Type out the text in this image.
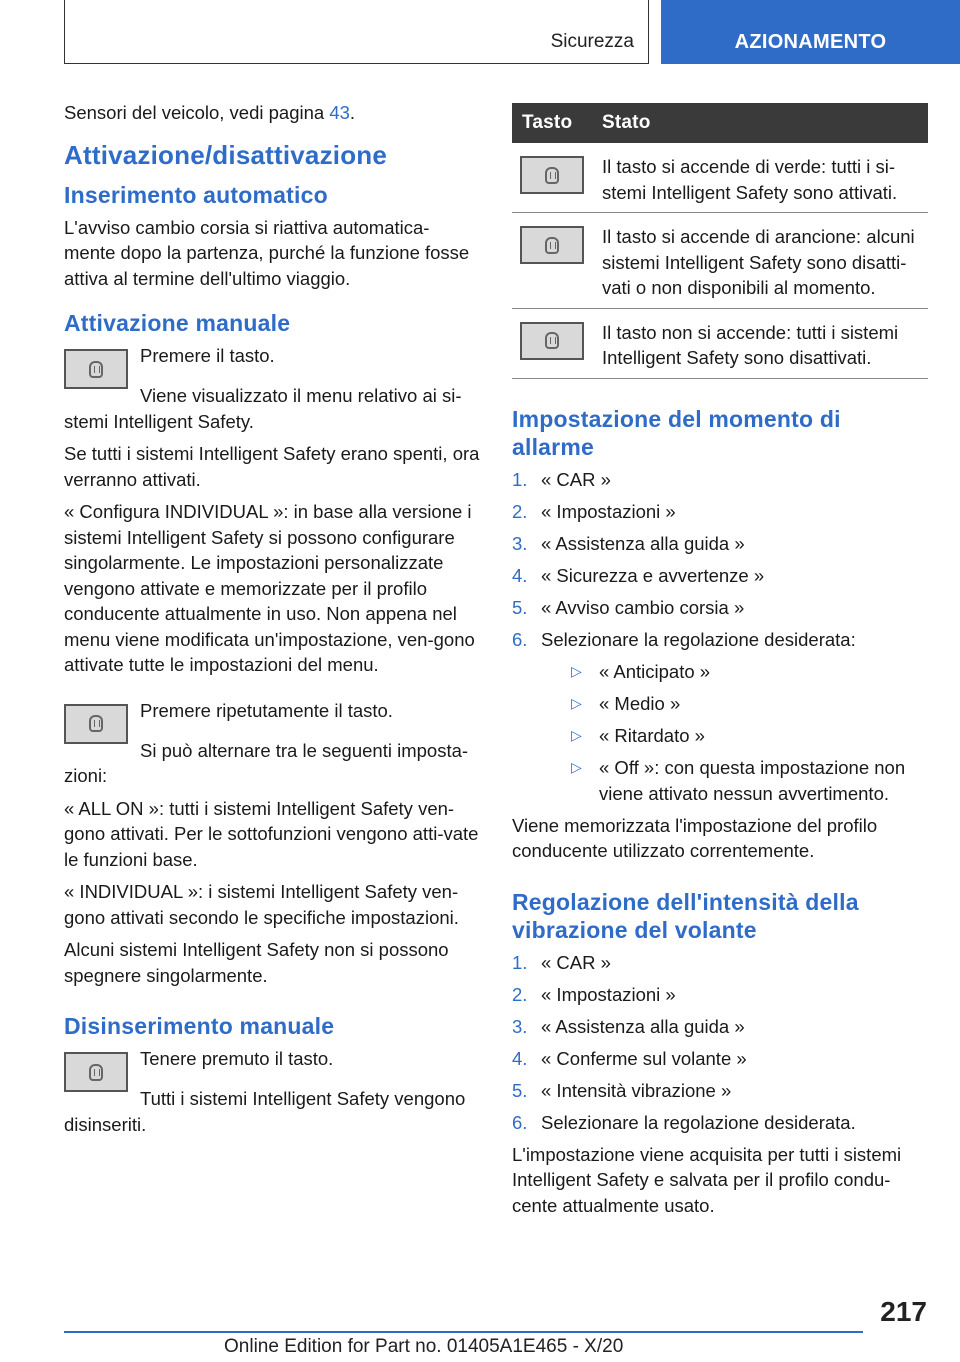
Sicurezza	AZIONAMENTO

Sensori del veicolo, vedi pagina 43.

Attivazione/disattivazione
Inserimento automatico

L'avviso cambio corsia si riattiva automatica-mente dopo la partenza, purché la funzione fosse attiva al termine dell'ultimo viaggio.

Attivazione manuale

Premere il tasto.

Viene visualizzato il menu relativo ai si-stemi Intelligent Safety.

Se tutti i sistemi Intelligent Safety erano spenti, ora verranno attivati.

« Configura INDIVIDUAL »: in base alla versione i sistemi Intelligent Safety si possono configurare singolarmente. Le impostazioni personalizzate vengono attivate e memorizzate per il profilo conducente attualmente in uso. Non appena nel menu viene modificata un'impostazione, ven-gono attivate tutte le impostazioni del menu.

Premere ripetutamente il tasto.

Si può alternare tra le seguenti imposta-zioni:

« ALL ON »: tutti i sistemi Intelligent Safety ven-gono attivati. Per le sottofunzioni vengono atti-vate le funzioni base.

« INDIVIDUAL »: i sistemi Intelligent Safety ven-gono attivati secondo le specifiche impostazioni.

Alcuni sistemi Intelligent Safety non si possono spegnere singolarmente.

Disinserimento manuale

Tenere premuto il tasto.

Tutti i sistemi Intelligent Safety vengono disinseriti.

Tasto	Stato

	Il tasto si accende di verde: tutti i si-stemi Intelligent Safety sono attivati.

	Il tasto si accende di arancione: alcuni sistemi Intelligent Safety sono disatti-vati o non disponibili al momento.

	Il tasto non si accende: tutti i sistemi Intelligent Safety sono disattivati.
Impostazione del momento di allarme
1. « CAR »
2. « Impostazioni »
3. « Assistenza alla guida »
4. « Sicurezza e avvertenze »
5. « Avviso cambio corsia »
6. Selezionare la regolazione desiderata:
▷ « Anticipato »
▷ « Medio »
▷ « Ritardato »
▷ « Off »: con questa impostazione non viene attivato nessun avvertimento.

Viene memorizzata l'impostazione del profilo conducente utilizzato correntemente.

Regolazione dell'intensità della vibrazione del volante
1. « CAR »
2. « Impostazioni »
3. « Assistenza alla guida »
4. « Conferme sul volante »
5. « Intensità vibrazione »
6. Selezionare la regolazione desiderata.

L'impostazione viene acquisita per tutti i sistemi Intelligent Safety e salvata per il profilo condu-cente attualmente usato.

217
Online Edition for Part no. 01405A1E465 - X/20
